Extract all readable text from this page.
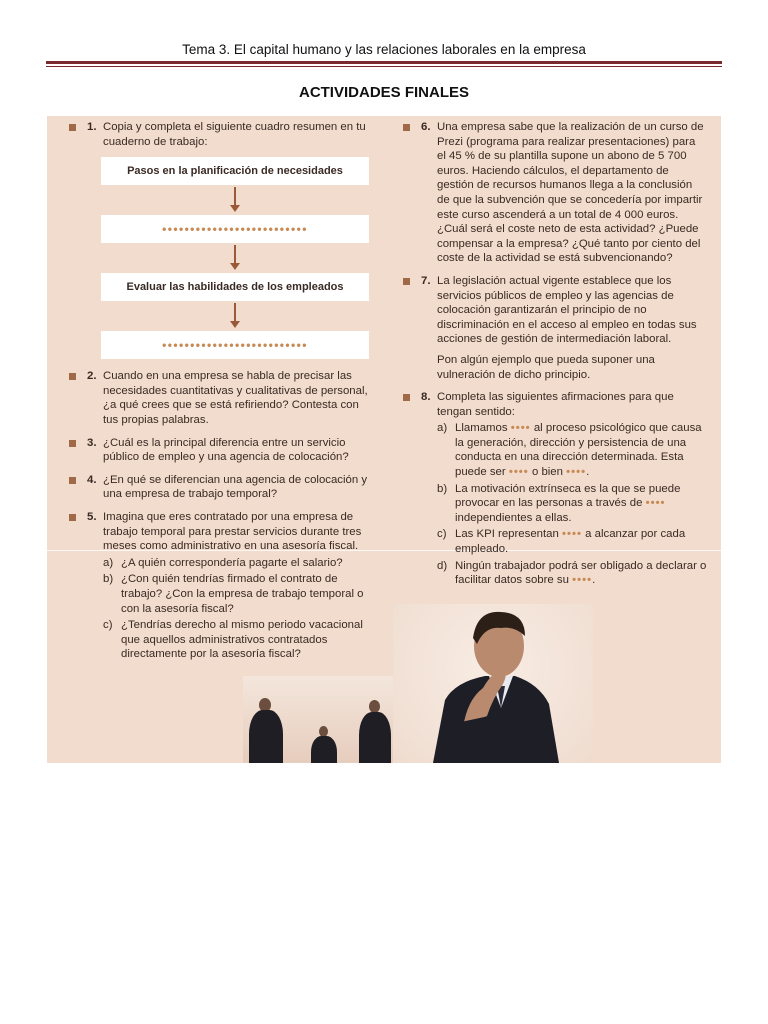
Tema 3. El capital humano y las relaciones laborales en la empresa
ACTIVIDADES FINALES
1. Copia y completa el siguiente cuadro resumen en tu cuaderno de trabajo:

Pasos en la planificación de necesidades
••••••••••••••••••••••••••
Evaluar las habilidades de los empleados
••••••••••••••••••••••••••
2. Cuando en una empresa se habla de precisar las necesidades cuantitativas y cualitativas de personal, ¿a qué crees que se está refiriendo? Contesta con tus propias palabras.

3. ¿Cuál es la principal diferencia entre un servicio público de empleo y una agencia de colocación?

4. ¿En qué se diferencian una agencia de colocación y una empresa de trabajo temporal?

5. Imagina que eres contratado por una empresa de trabajo temporal para prestar servicios durante tres meses como administrativo en una asesoría fiscal.

a) ¿A quién correspondería pagarte el salario?
b) ¿Con quién tendrías firmado el contrato de trabajo? ¿Con la empresa de trabajo temporal o con la asesoría fiscal?
c) ¿Tendrías derecho al mismo periodo vacacional que aquellos administrativos contratados directamente por la asesoría fiscal?
6. Una empresa sabe que la realización de un curso de Prezi (programa para realizar presentaciones) para el 45 % de su plantilla supone un abono de 5 700 euros. Haciendo cálculos, el departamento de gestión de recursos humanos llega a la conclusión de que la subvención que se concedería por impartir este curso ascenderá a un total de 4 000 euros. ¿Cuál será el coste neto de esta actividad? ¿Puede compensar a la empresa? ¿Qué tanto por ciento del coste de la actividad se está subvencionando?

7. La legislación actual vigente establece que los servicios públicos de empleo y las agencias de colocación garantizarán el principio de no discriminación en el acceso al empleo en todas sus acciones de gestión de intermediación laboral.

Pon algún ejemplo que pueda suponer una vulneración de dicho principio.

8. Completa las siguientes afirmaciones para que tengan sentido:

a) Llamamos •••• al proceso psicológico que causa la generación, dirección y persistencia de una conducta en una dirección determinada. Esta puede ser •••• o bien ••••.
b) La motivación extrínseca es la que se puede provocar en las personas a través de •••• independientes a ellas.
c) Las KPI representan •••• a alcanzar por cada empleado.
d) Ningún trabajador podrá ser obligado a declarar o facilitar datos sobre su ••••.
